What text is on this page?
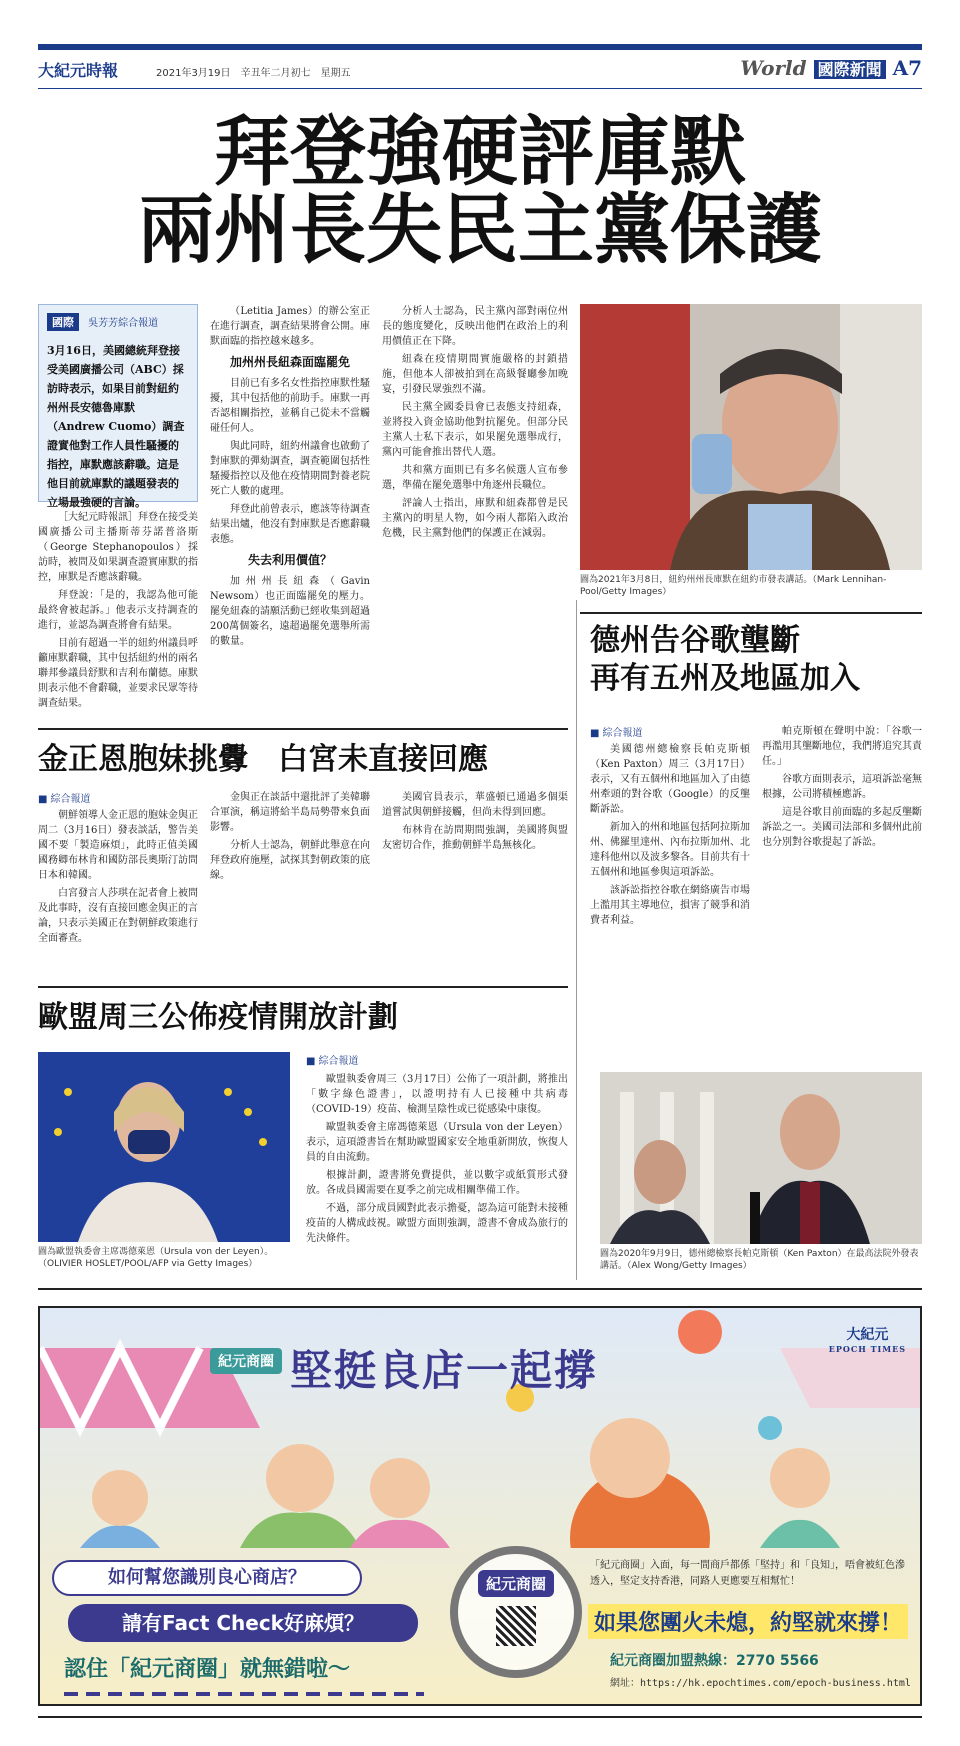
大紀元時報	2021年3月19日　辛丑年二月初七　星期五	World 國際新聞 A7
拜登強硬評庫默
兩州長失民主黨保護
國際 吳芳芳綜合報道
3月16日，美國總統拜登接受美國廣播公司（ABC）採訪時表示，如果目前對紐約州州長安德魯庫默（Andrew Cuomo）調查證實他對工作人員性騷擾的指控，庫默應該辭職。這是他目前就庫默的議題發表的立場最強硬的言論。

［大紀元時報訊］拜登在接受美國廣播公司主播斯蒂芬諾普洛斯（George Stephanopoulos）採訪時，被問及如果調查證實庫默的指控，庫默是否應該辭職。

拜登說：「是的，我認為他可能最終會被起訴。」他表示支持調查的進行，並認為調查將會有結果。

目前有超過一半的紐約州議員呼籲庫默辭職，其中包括紐約州的兩名聯邦參議員舒默和吉利布蘭德。庫默則表示他不會辭職，並要求民眾等待調查結果。

（Letitia James）的辦公室正在進行調查，調查結果將會公開。庫默面臨的指控越來越多。

加州州長紐森面臨罷免

目前已有多名女性指控庫默性騷擾，其中包括他的前助手。庫默一再否認相關指控，並稱自己從未不當觸碰任何人。

與此同時，紐約州議會也啟動了對庫默的彈劾調查，調查範圍包括性騷擾指控以及他在疫情期間對養老院死亡人數的處理。

拜登此前曾表示，應該等待調查結果出爐，他沒有對庫默是否應辭職表態。

失去利用價值？

加州州長紐森（Gavin Newsom）也正面臨罷免的壓力。罷免紐森的請願活動已經收集到超過200萬個簽名，遠超過罷免選舉所需的數量。

分析人士認為，民主黨內部對兩位州長的態度變化，反映出他們在政治上的利用價值正在下降。

紐森在疫情期間實施嚴格的封鎖措施，但他本人卻被拍到在高級餐廳參加晚宴，引發民眾強烈不滿。

民主黨全國委員會已表態支持紐森，並將投入資金協助他對抗罷免。但部分民主黨人士私下表示，如果罷免選舉成行，黨內可能會推出替代人選。

共和黨方面則已有多名候選人宣布參選，準備在罷免選舉中角逐州長職位。

評論人士指出，庫默和紐森都曾是民主黨內的明星人物，如今兩人都陷入政治危機，民主黨對他們的保護正在減弱。

圖為2021年3月8日，紐約州州長庫默在紐約市發表講話。（Mark Lennihan-Pool/Getty Images）
德州告谷歌壟斷
再有五州及地區加入
■ 綜合報道

美國德州總檢察長帕克斯頓（Ken Paxton）周三（3月17日）表示，又有五個州和地區加入了由德州牽頭的對谷歌（Google）的反壟斷訴訟。

新加入的州和地區包括阿拉斯加州、佛羅里達州、內布拉斯加州、北達科他州以及波多黎各。目前共有十五個州和地區參與這項訴訟。

該訴訟指控谷歌在網絡廣告市場上濫用其主導地位，損害了競爭和消費者利益。

帕克斯頓在聲明中說：「谷歌一再濫用其壟斷地位，我們將追究其責任。」

谷歌方面則表示，這項訴訟毫無根據，公司將積極應訴。

這是谷歌目前面臨的多起反壟斷訴訟之一。美國司法部和多個州此前也分別對谷歌提起了訴訟。

圖為2020年9月9日，德州總檢察長帕克斯頓（Ken Paxton）在最高法院外發表講話。（Alex Wong/Getty Images）
金正恩胞妹挑釁　白宮未直接回應
■ 綜合報道

朝鮮領導人金正恩的胞妹金與正周二（3月16日）發表談話，警告美國不要「製造麻煩」，此時正值美國國務卿布林肯和國防部長奧斯汀訪問日本和韓國。

白宮發言人莎琪在記者會上被問及此事時，沒有直接回應金與正的言論，只表示美國正在對朝鮮政策進行全面審查。

金與正在談話中還批評了美韓聯合軍演，稱這將給半島局勢帶來負面影響。

分析人士認為，朝鮮此舉意在向拜登政府施壓，試探其對朝政策的底線。

美國官員表示，華盛頓已通過多個渠道嘗試與朝鮮接觸，但尚未得到回應。

布林肯在訪問期間強調，美國將與盟友密切合作，推動朝鮮半島無核化。

歐盟周三公佈疫情開放計劃
圖為歐盟執委會主席馮德萊恩（Ursula von der Leyen）。（OLIVIER HOSLET/POOL/AFP via Getty Images）
■ 綜合報道

歐盟執委會周三（3月17日）公佈了一項計劃，將推出「數字綠色證書」，以證明持有人已接種中共病毒（COVID-19）疫苗、檢測呈陰性或已從感染中康復。

歐盟執委會主席馮德萊恩（Ursula von der Leyen）表示，這項證書旨在幫助歐盟國家安全地重新開放，恢復人員的自由流動。

根據計劃，證書將免費提供，並以數字或紙質形式發放。各成員國需要在夏季之前完成相關準備工作。

不過，部分成員國對此表示擔憂，認為這可能對未接種疫苗的人構成歧視。歐盟方面則強調，證書不會成為旅行的先決條件。

紀元商圈 堅挺良店一起撐
大紀元
EPOCH TIMES
如何幫您識別良心商店？
請有Fact Check好麻煩？
認住「紀元商圈」就無錯啦～
紀元商圈
「紀元商圈」入面，每一間商戶都係「堅持」和「良知」，唔會被紅色滲透入，堅定支持香港，同路人更應要互相幫忙！
如果您團火未熄，約堅就來撐！
紀元商圈加盟熱線：2770 5566
網址：https://hk.epochtimes.com/epoch-business.html
